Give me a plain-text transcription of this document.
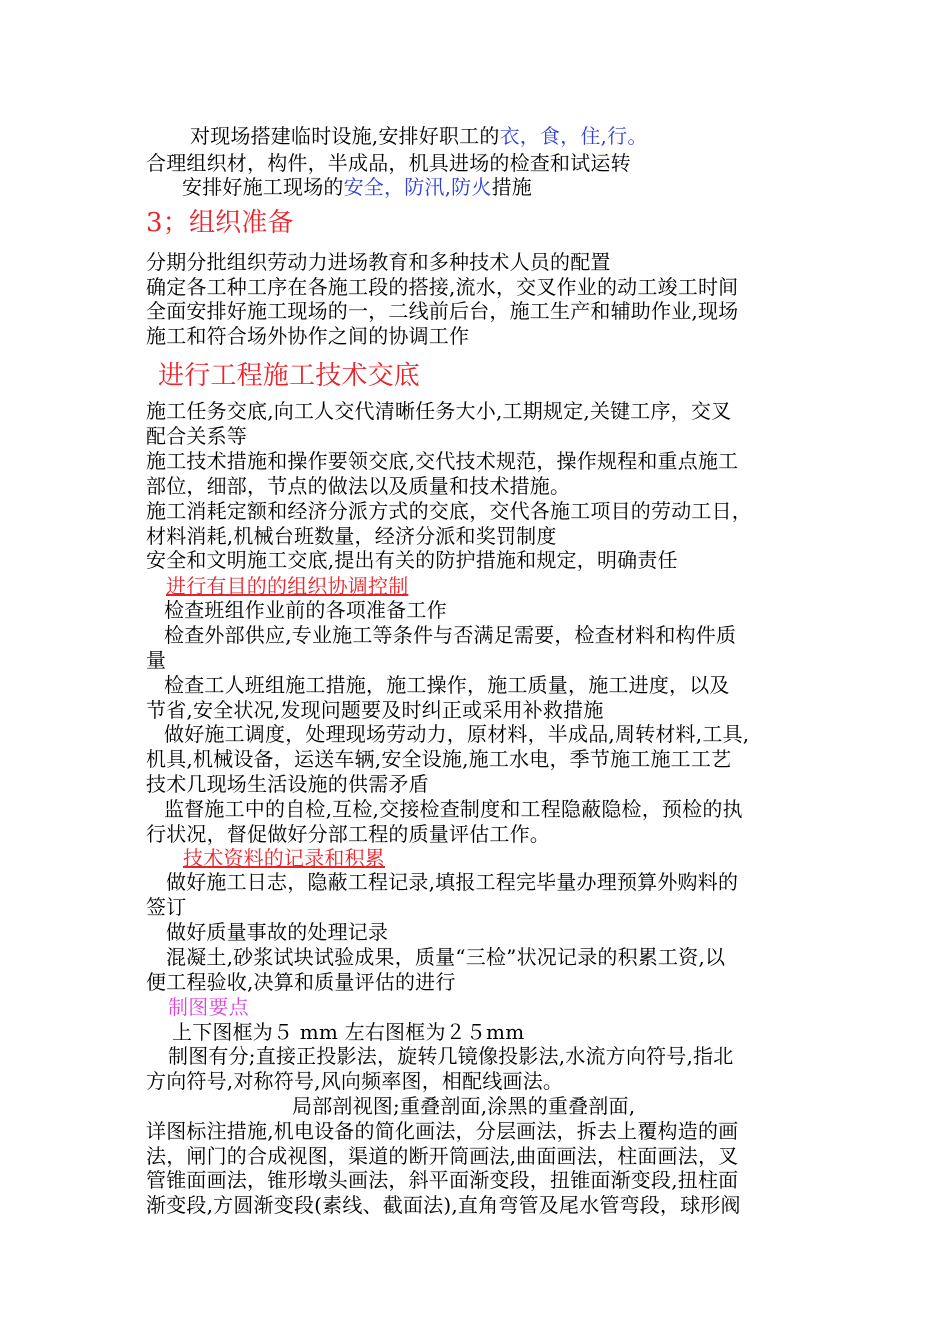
对现场搭建临时设施,安排好职工的衣，食，住,行。
合理组织材，构件，半成品，机具进场的检查和试运转
安排好施工现场的安全，防汛,防火措施
3；组织准备
分期分批组织劳动力进场教育和多种技术人员的配置
确定各工种工序在各施工段的搭接,流水，交叉作业的动工竣工时间
全面安排好施工现场的一，二线前后台，施工生产和辅助作业,现场
施工和符合场外协作之间的协调工作
进行工程施工技术交底
施工任务交底,向工人交代清晰任务大小,工期规定,关键工序，交叉
配合关系等
施工技术措施和操作要领交底,交代技术规范，操作规程和重点施工
部位，细部，节点的做法以及质量和技术措施。
施工消耗定额和经济分派方式的交底，交代各施工项目的劳动工日，
材料消耗,机械台班数量，经济分派和奖罚制度
安全和文明施工交底,提出有关的防护措施和规定，明确责任
进行有目的的组织协调控制
检查班组作业前的各项准备工作
检查外部供应,专业施工等条件与否满足需要，检查材料和构件质
量
检查工人班组施工措施，施工操作，施工质量，施工进度，以及
节省,安全状况,发现问题要及时纠正或采用补救措施
做好施工调度，处理现场劳动力，原材料，半成品,周转材料,工具,
机具,机械设备，运送车辆,安全设施,施工水电，季节施工施工工艺
技术几现场生活设施的供需矛盾
监督施工中的自检,互检,交接检查制度和工程隐蔽隐检，预检的执
行状况，督促做好分部工程的质量评估工作。
技术资料的记录和积累
做好施工日志，隐蔽工程记录,填报工程完毕量办理预算外购料的
签订
做好质量事故的处理记录
混凝土,砂浆试块试验成果，质量“三检”状况记录的积累工资,以
便工程验收,决算和质量评估的进行
制图要点
上下图框为５ mm 左右图框为２５mm
制图有分;直接正投影法，旋转几镜像投影法,水流方向符号,指北
方向符号,对称符号,风向频率图，相配线画法。
局部剖视图;重叠剖面,涂黑的重叠剖面,
详图标注措施,机电设备的简化画法，分层画法，拆去上覆构造的画
法，闸门的合成视图，渠道的断开筒画法,曲面画法，柱面画法，叉
管锥面画法，锥形墩头画法，斜平面渐变段，扭锥面渐变段,扭柱面
渐变段,方圆渐变段(素线、截面法),直角弯管及尾水管弯段，球形阀
